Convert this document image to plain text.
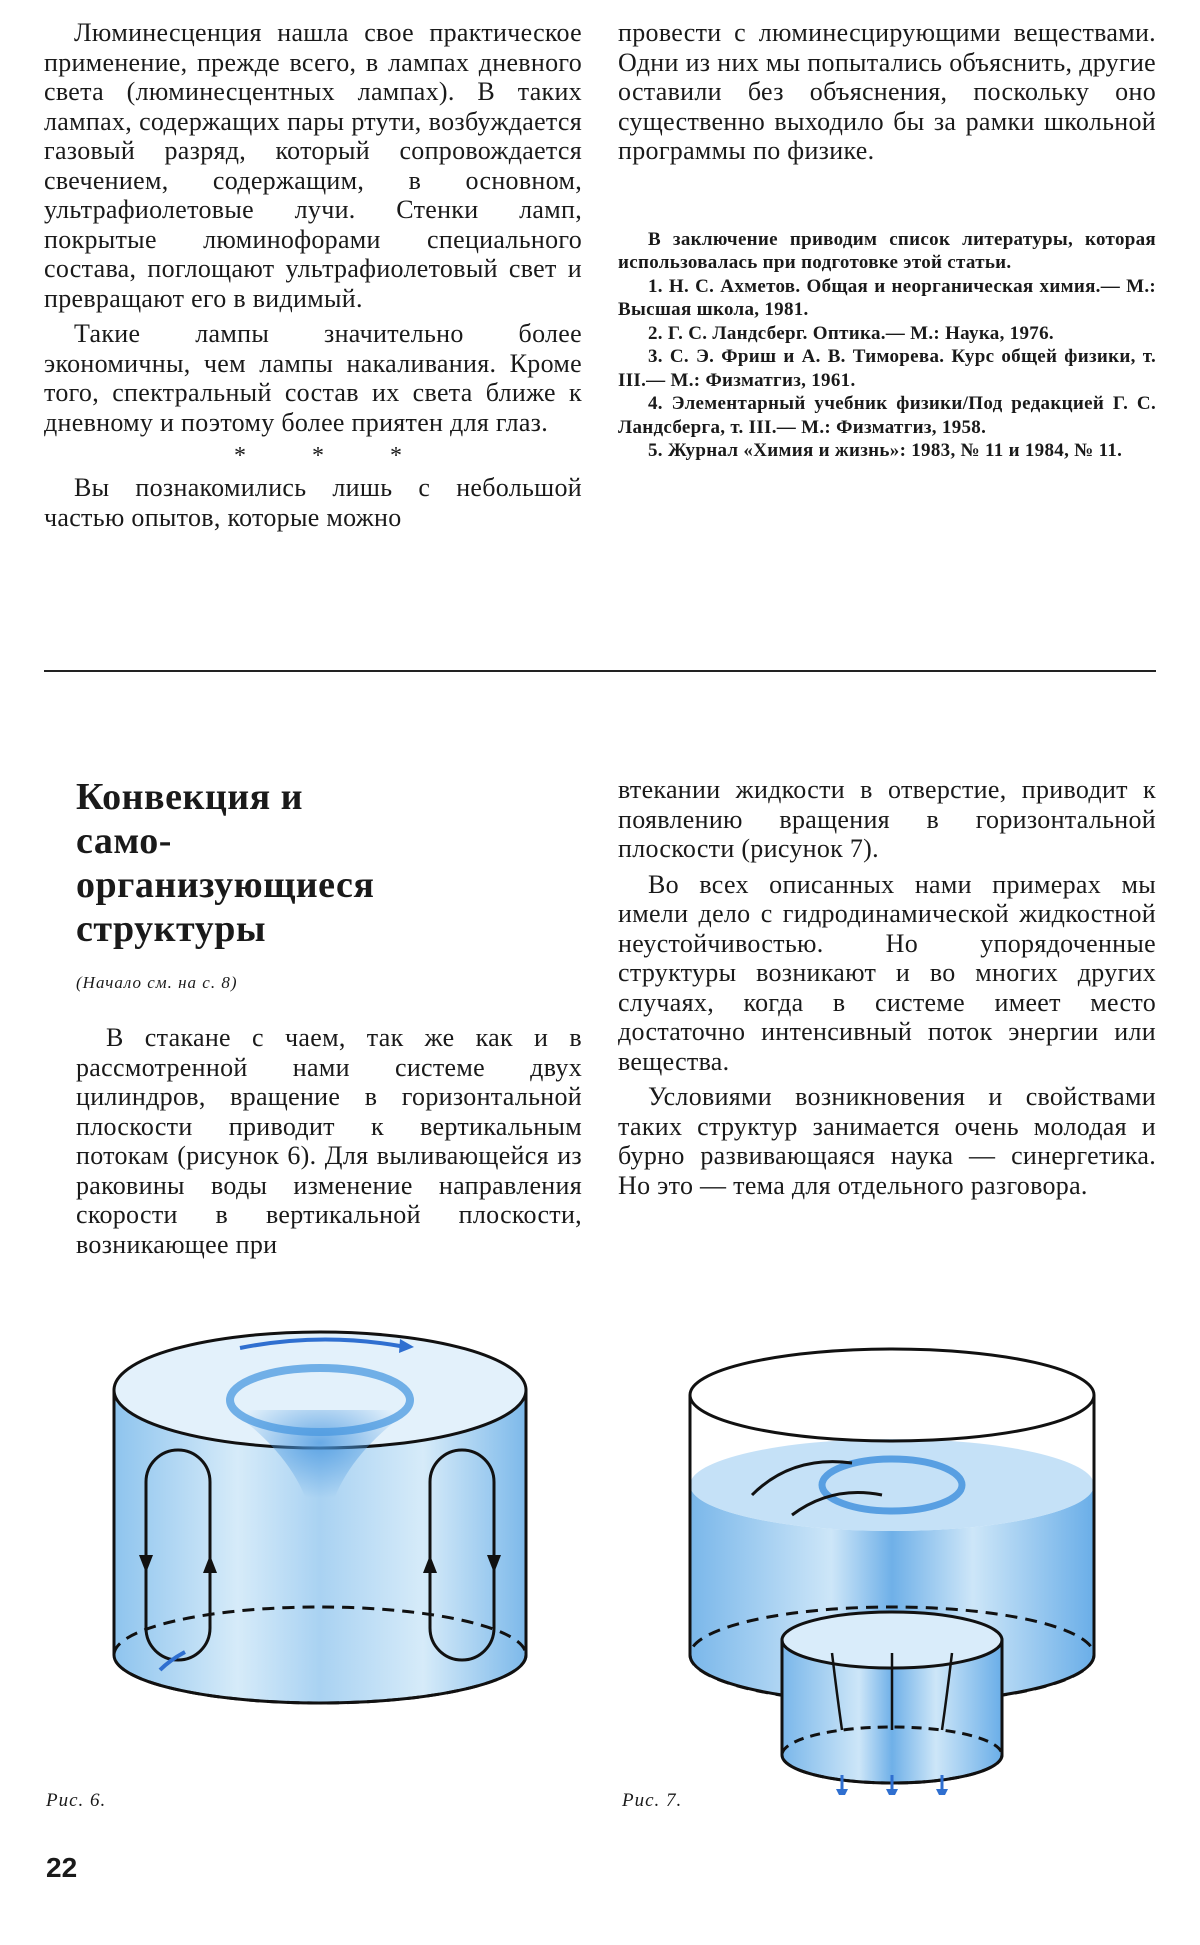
Люминесценция нашла свое практическое применение, прежде всего, в лампах дневного света (люминесцентных лампах). В таких лампах, содержащих пары ртути, возбуждается газовый разряд, который сопровождается свечением, содержащим, в основном, ультрафиолетовые лучи. Стенки ламп, покрытые люминофорами специального состава, поглощают ультрафиолетовый свет и превращают его в видимый.

Такие лампы значительно более экономичны, чем лампы накаливания. Кроме того, спектральный состав их света ближе к дневному и поэтому более приятен для глаз.

* * *

Вы познакомились лишь с небольшой частью опытов, которые можно

провести с люминесцирующими веществами. Одни из них мы попытались объяснить, другие оставили без объяснения, поскольку оно существенно выходило бы за рамки школьной программы по физике.

В заключение приводим список литературы, которая использовалась при подготовке этой статьи.

1. Н. С. Ахметов. Общая и неорганическая химия.— М.: Высшая школа, 1981.

2. Г. С. Ландсберг. Оптика.— М.: Наука, 1976.

3. С. Э. Фриш и А. В. Тиморева. Курс общей физики, т. III.— М.: Физматгиз, 1961.

4. Элементарный учебник физики/Под редакцией Г. С. Ландсберга, т. III.— М.: Физматгиз, 1958.

5. Журнал «Химия и жизнь»: 1983, № 11 и 1984, № 11.

Конвекция и
само-
организующиеся
структуры
(Начало см. на с. 8)

В стакане с чаем, так же как и в рассмотренной нами системе двух цилиндров, вращение в горизонтальной плоскости приводит к вертикальным потокам (рисунок 6). Для выливающейся из раковины воды изменение направления скорости в вертикальной плоскости, возникающее при

втекании жидкости в отверстие, приводит к появлению вращения в горизонтальной плоскости (рисунок 7).

Во всех описанных нами примерах мы имели дело с гидродинамической жидкостной неустойчивостью. Но упорядоченные структуры возникают и во многих других случаях, когда в системе имеет место достаточно интенсивный поток энергии или вещества.

Условиями возникновения и свойствами таких структур занимается очень молодая и бурно развивающаяся наука — синергетика. Но это — тема для отдельного разговора.

Рис. 6.	Рис. 7.
22
